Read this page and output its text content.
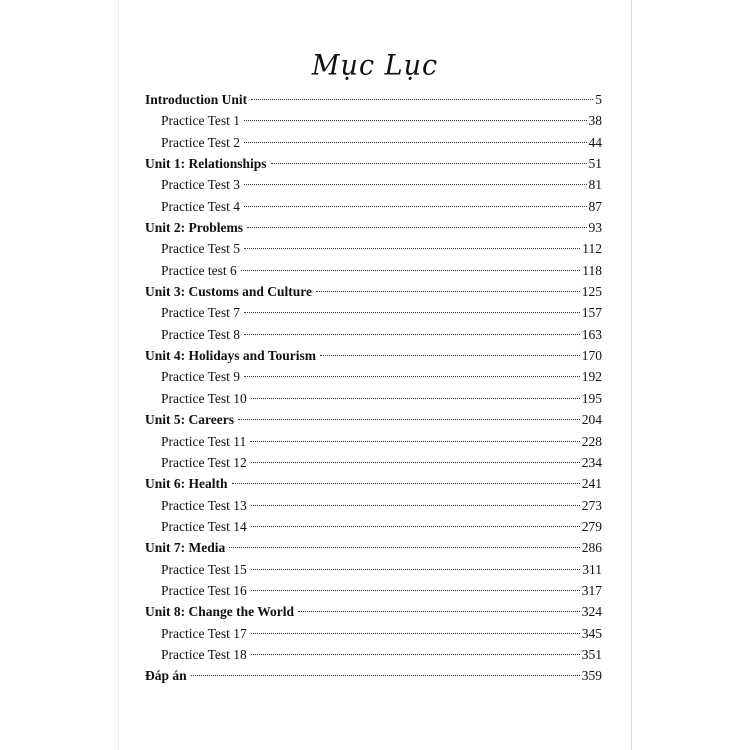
Mục Lục
Introduction Unit	5
Practice Test 1	38
Practice Test 2	44
Unit 1: Relationships	51
Practice Test 3	81
Practice Test 4	87
Unit 2: Problems	93
Practice Test 5	112
Practice test 6	118
Unit 3: Customs and Culture	125
Practice Test 7	157
Practice Test 8	163
Unit 4: Holidays and Tourism	170
Practice Test 9	192
Practice Test 10	195
Unit 5: Careers	204
Practice Test 11	228
Practice Test 12	234
Unit 6: Health	241
Practice Test 13	273
Practice Test 14	279
Unit 7: Media	286
Practice Test 15	311
Practice Test 16	317
Unit 8: Change the World	324
Practice Test 17	345
Practice Test 18	351
Đáp án	359
